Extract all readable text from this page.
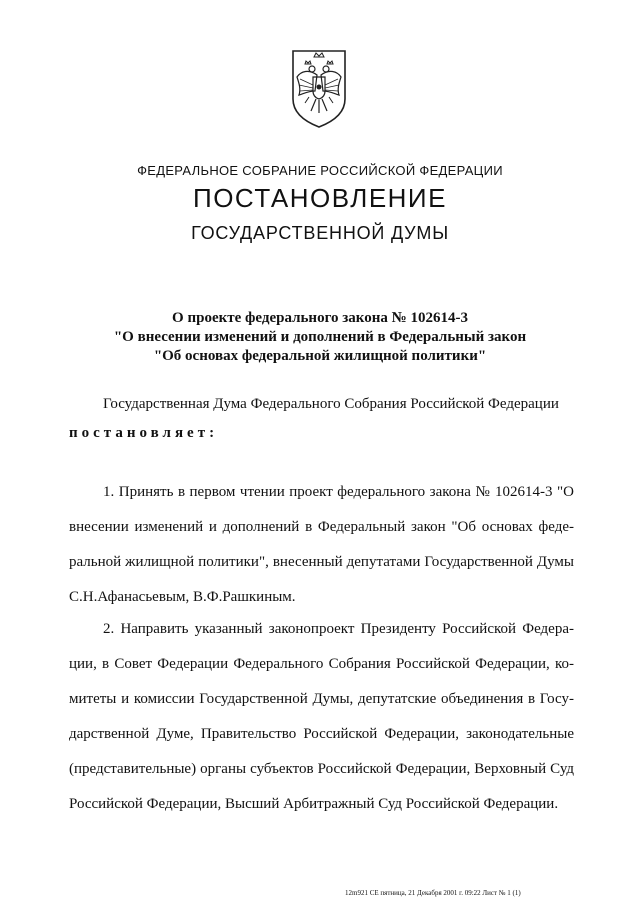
ФЕДЕРАЛЬНОЕ СОБРАНИЕ РОССИЙСКОЙ ФЕДЕРАЦИИ
ПОСТАНОВЛЕНИЕ
ГОСУДАРСТВЕННОЙ ДУМЫ
О проекте федерального закона № 102614-3
"О внесении изменений и дополнений в Федеральный закон
"Об основах федеральной жилищной политики"
Государственная Дума Федерального Собрания Российской Федерации
постановляет:
1. Принять в первом чтении проект федерального закона № 102614-3 "О
внесении изменений и дополнений в Федеральный закон "Об основах феде-
ральной жилищной политики", внесенный депутатами Государственной Думы
С.Н.Афанасьевым, В.Ф.Рашкиным.
2. Направить указанный законопроект Президенту Российской Федера-
ции, в Совет Федерации Федерального Собрания Российской Федерации, ко-
митеты и комиссии Государственной Думы, депутатские объединения в Госу-
дарственной Думе, Правительство Российской Федерации, законодательные
(представительные) органы субъектов Российской Федерации, Верховный Суд
Российской Федерации, Высший Арбитражный Суд Российской Федерации.
12m921 CE пятница, 21 Декабря 2001 г. 09:22 Лист № 1 (1)
